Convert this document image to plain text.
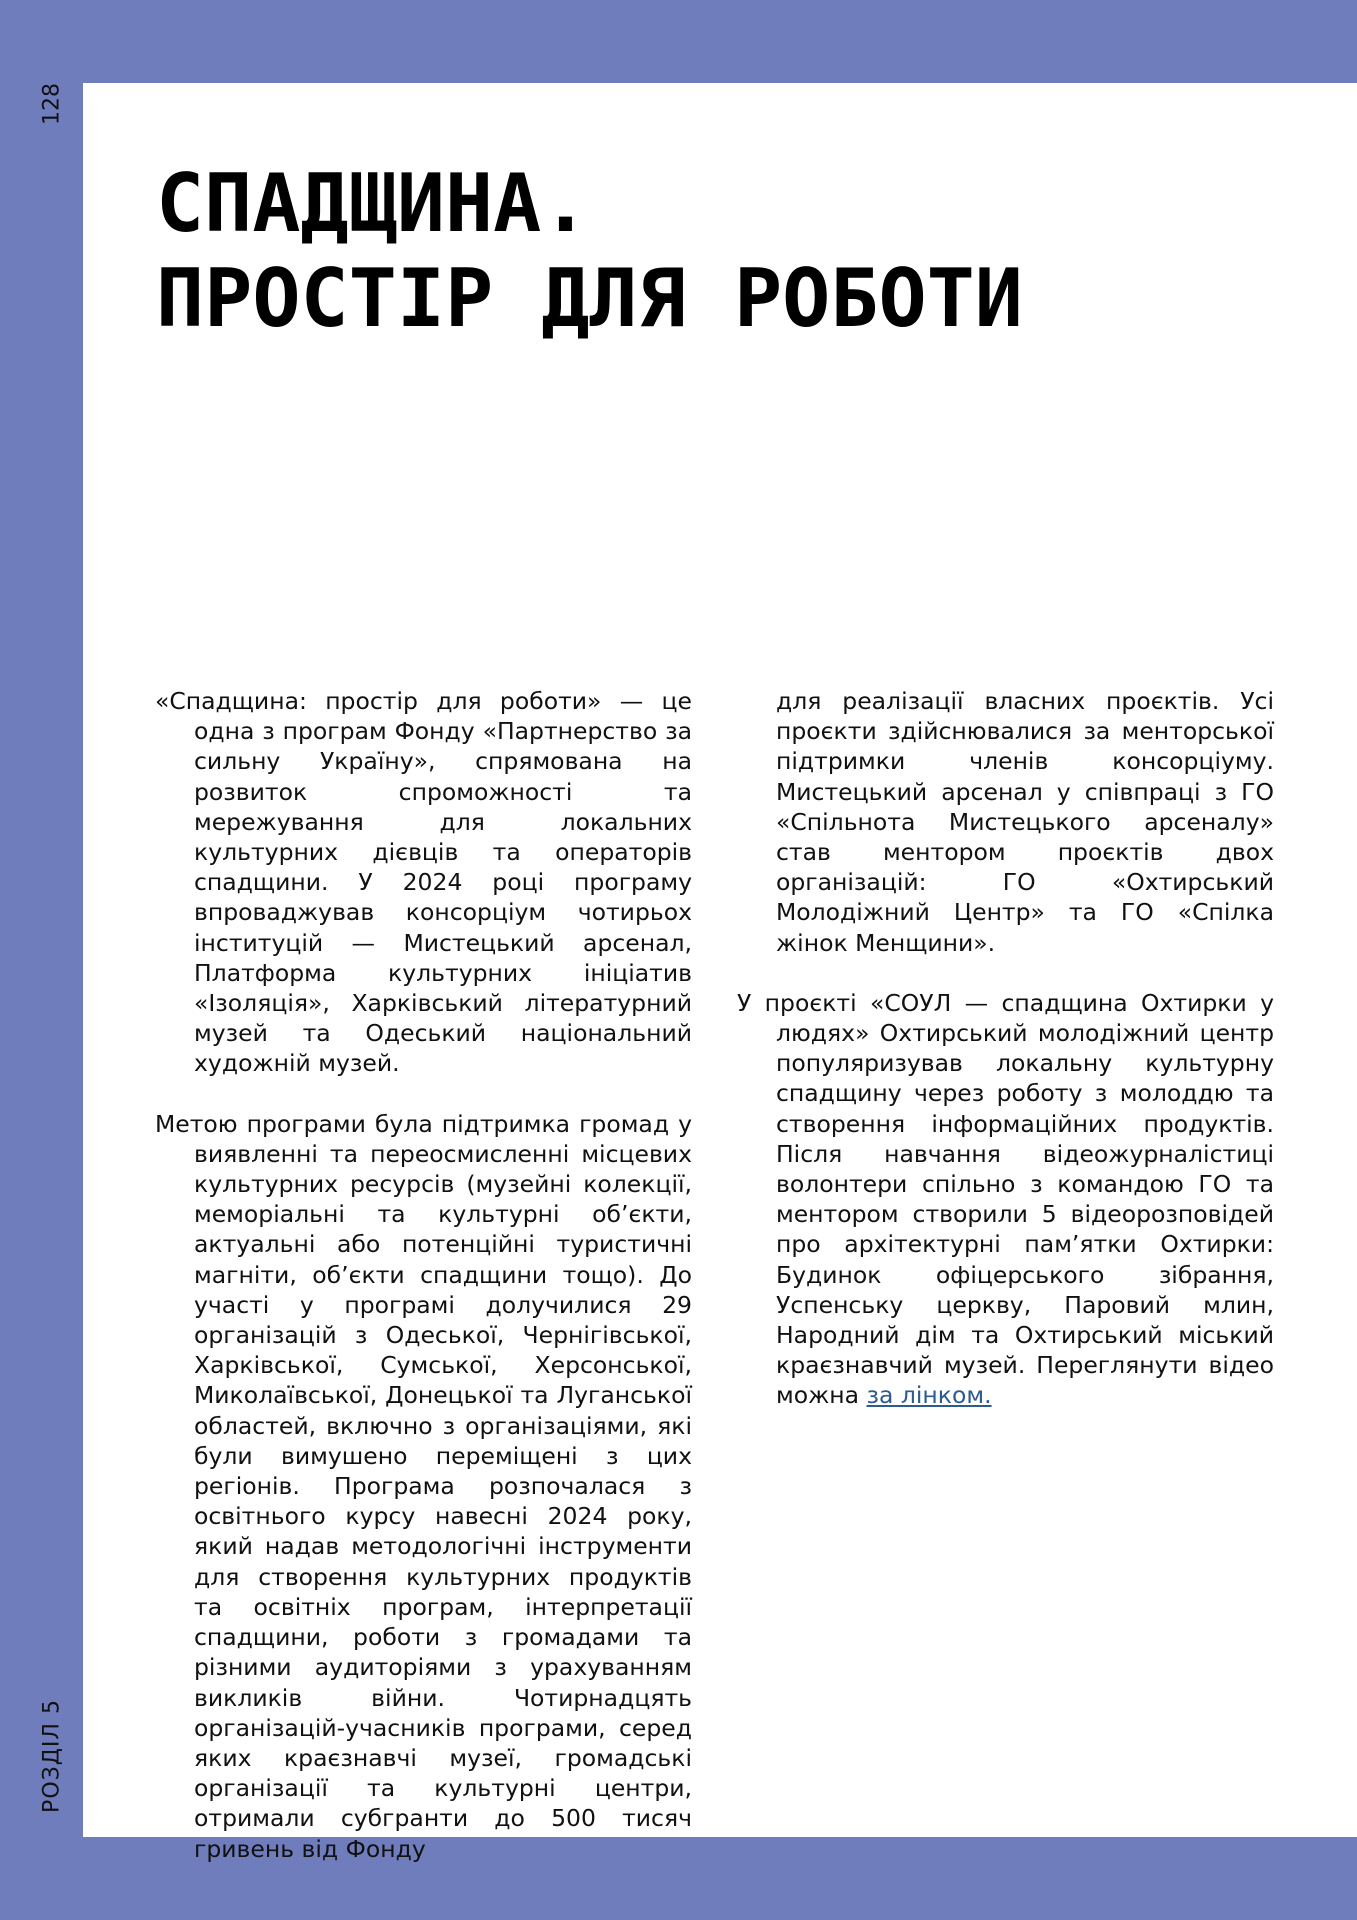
128
РОЗДІЛ 5
СПАДЩИНА.
ПРОСТІР ДЛЯ РОБОТИ

«Спадщина: простір для роботи» — це одна з програм Фонду «Партнерство за сильну Україну», спрямована на розвиток спроможності та мережування для локальних культурних дієвців та операторів спадщини. У 2024 році програму впроваджував консорціум чотирьох інституцій — Мистецький арсенал, Платформа культурних ініціатив «Ізоляція», Харківський літературний музей та Одеський національний художній музей.

Метою програми була підтримка громад у виявленні та переосмисленні місцевих культурних ресурсів (музейні колекції, меморіальні та культурні об’єкти, актуальні або потенційні туристичні магніти, об’єкти спадщини тощо). До участі у програмі долучилися 29 організацій з Одеської, Чернігівської, Харківської, Сумської, Херсонської, Миколаївської, Донецької та Луганської областей, включно з організаціями, які були вимушено переміщені з цих регіонів. Програма розпочалася з освітнього курсу навесні 2024 року, який надав методологічні інструменти для створення культурних продуктів та освітніх програм, інтерпретації спадщини, роботи з громадами та різними аудиторіями з урахуванням викликів війни. Чотирнадцять організацій-учасників програми, серед яких краєзнавчі музеї, громадські організації та культурні центри, отримали субгранти до 500 тисяч гривень від Фонду

для реалізації власних проєктів. Усі проєкти здійснювалися за менторської підтримки членів консорціуму. Мистецький арсенал у співпраці з ГО «Спільнота Мистецького арсеналу» став ментором проєктів двох організацій: ГО «Охтирський Молодіжний Центр» та ГО «Спілка жінок Менщини».

У проєкті «СОУЛ — спадщина Охтирки у людях» Охтирський молодіжний центр популяризував локальну культурну спадщину через роботу з молоддю та створення інформаційних продуктів. Після навчання відеожурналістиці волонтери спільно з командою ГО та ментором створили 5 відеорозповідей про архітектурні пам’ятки Охтирки: Будинок офіцерського зібрання, Успенську церкву, Паровий млин, Народний дім та Охтирський міський краєзнавчий музей. Переглянути відео можна за лінком.
